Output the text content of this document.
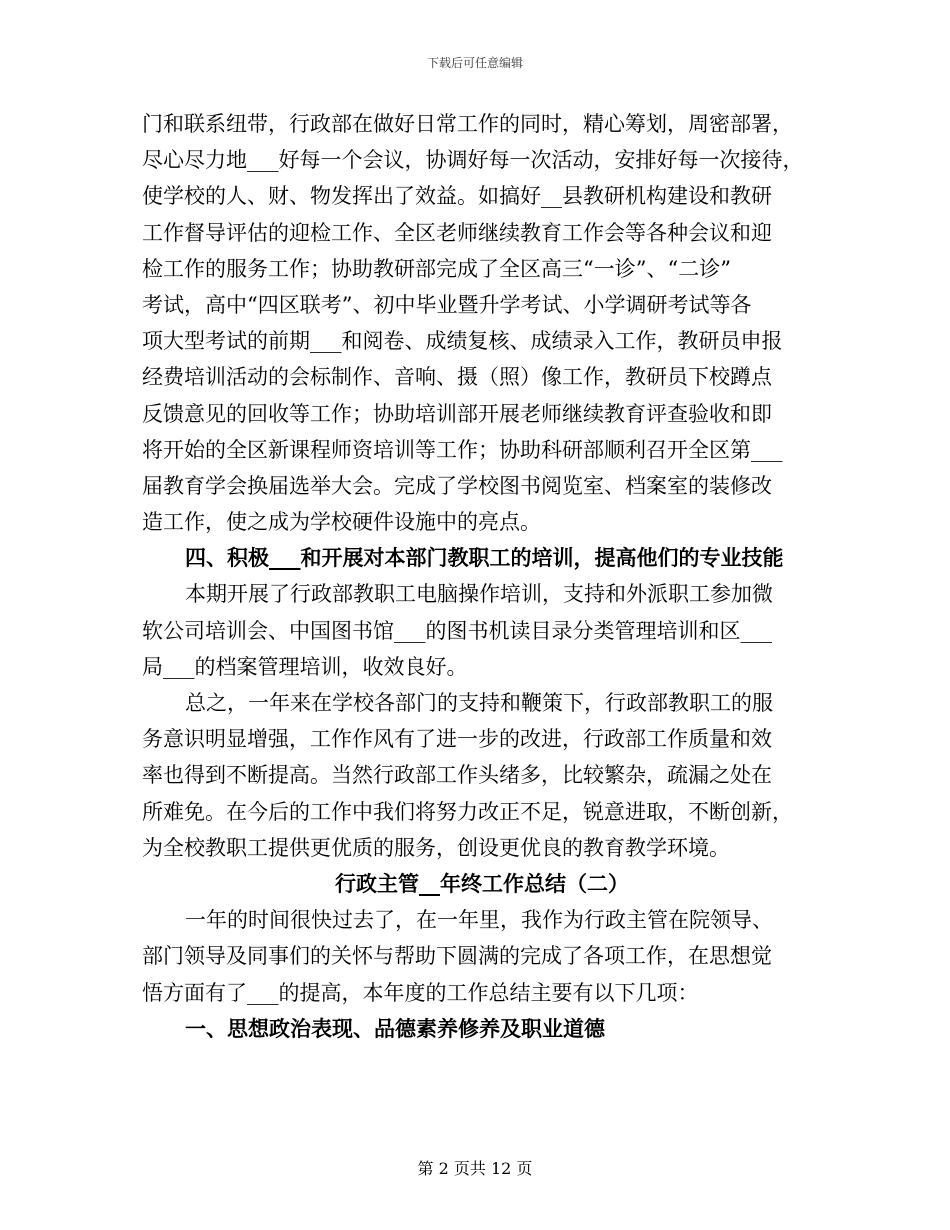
下载后可任意编辑
门和联系纽带，行政部在做好日常工作的同时，精心筹划，周密部署，
尽心尽力地___好每一个会议，协调好每一次活动，安排好每一次接待，
使学校的人、财、物发挥出了效益。如搞好__县教研机构建设和教研
工作督导评估的迎检工作、全区老师继续教育工作会等各种会议和迎
检工作的服务工作；协助教研部完成了全区高三“一诊”、“二诊”
考试，高中“四区联考”、初中毕业暨升学考试、小学调研考试等各
项大型考试的前期___和阅卷、成绩复核、成绩录入工作，教研员申报
经费培训活动的会标制作、音响、摄（照）像工作，教研员下校蹲点
反馈意见的回收等工作；协助培训部开展老师继续教育评查验收和即
将开始的全区新课程师资培训等工作；协助科研部顺利召开全区第___
届教育学会换届选举大会。完成了学校图书阅览室、档案室的装修改
造工作，使之成为学校硬件设施中的亮点。
四、积极___和开展对本部门教职工的培训，提高他们的专业技能
本期开展了行政部教职工电脑操作培训，支持和外派职工参加微
软公司培训会、中国图书馆___的图书机读目录分类管理培训和区___
局___的档案管理培训，收效良好。
总之，一年来在学校各部门的支持和鞭策下，行政部教职工的服
务意识明显增强，工作作风有了进一步的改进，行政部工作质量和效
率也得到不断提高。当然行政部工作头绪多，比较繁杂，疏漏之处在
所难免。在今后的工作中我们将努力改正不足，锐意进取，不断创新，
为全校教职工提供更优质的服务，创设更优良的教育教学环境。
行政主管__年终工作总结（二）
一年的时间很快过去了，在一年里，我作为行政主管在院领导、
部门领导及同事们的关怀与帮助下圆满的完成了各项工作，在思想觉
悟方面有了___的提高，本年度的工作总结主要有以下几项：
一、思想政治表现、品德素养修养及职业道德
第 2 页共 12 页
